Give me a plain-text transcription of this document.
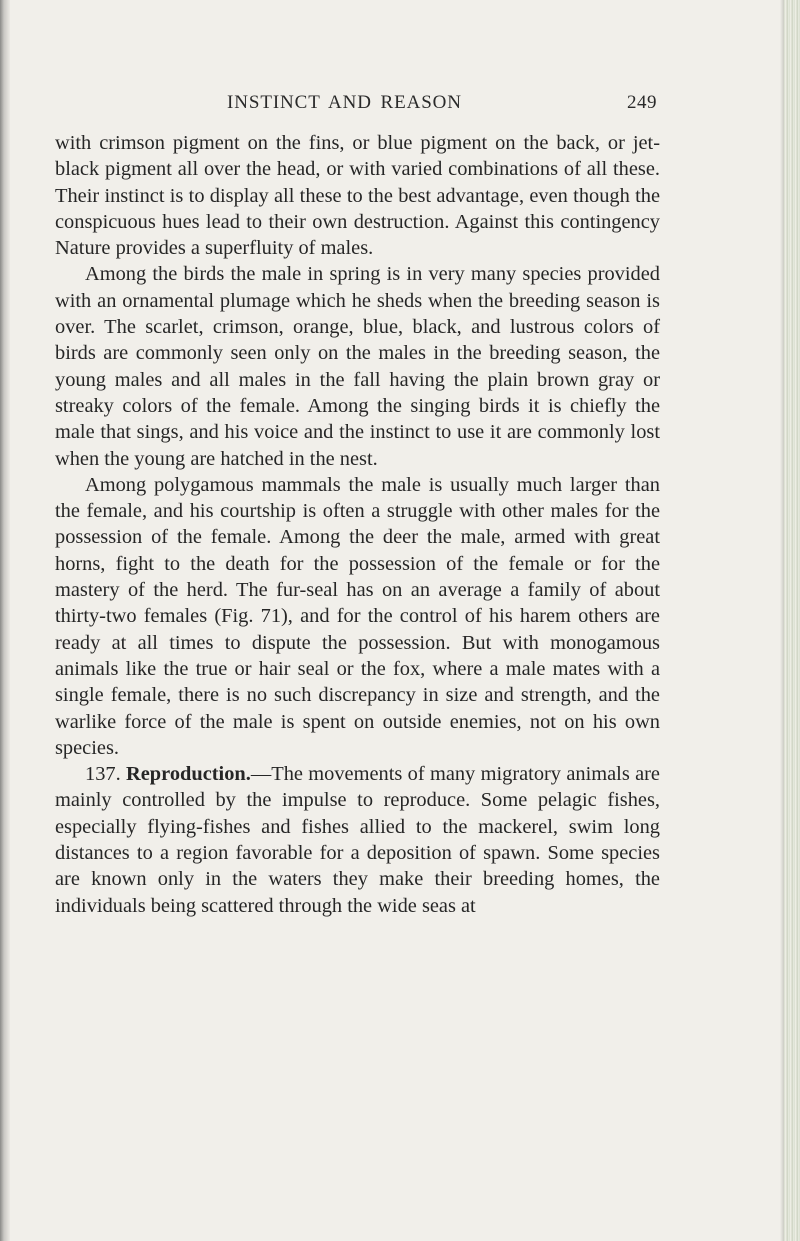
INSTINCT AND REASON	249

with crimson pigment on the fins, or blue pigment on the back, or jet-black pigment all over the head, or with varied combinations of all these. Their instinct is to display all these to the best advantage, even though the conspicuous hues lead to their own destruction. Against this contingency Nature provides a superfluity of males.

Among the birds the male in spring is in very many species provided with an ornamental plumage which he sheds when the breeding season is over. The scarlet, crimson, orange, blue, black, and lustrous colors of birds are commonly seen only on the males in the breeding season, the young males and all males in the fall having the plain brown gray or streaky colors of the female. Among the singing birds it is chiefly the male that sings, and his voice and the instinct to use it are commonly lost when the young are hatched in the nest.

Among polygamous mammals the male is usually much larger than the female, and his courtship is often a struggle with other males for the possession of the female. Among the deer the male, armed with great horns, fight to the death for the possession of the female or for the mastery of the herd. The fur-seal has on an average a family of about thirty-two females (Fig. 71), and for the control of his harem others are ready at all times to dispute the possession. But with monogamous animals like the true or hair seal or the fox, where a male mates with a single female, there is no such discrepancy in size and strength, and the warlike force of the male is spent on outside enemies, not on his own species.

137. Reproduction.—The movements of many migratory animals are mainly controlled by the impulse to reproduce. Some pelagic fishes, especially flying-fishes and fishes allied to the mackerel, swim long distances to a region favorable for a deposition of spawn. Some species are known only in the waters they make their breeding homes, the individuals being scattered through the wide seas at
